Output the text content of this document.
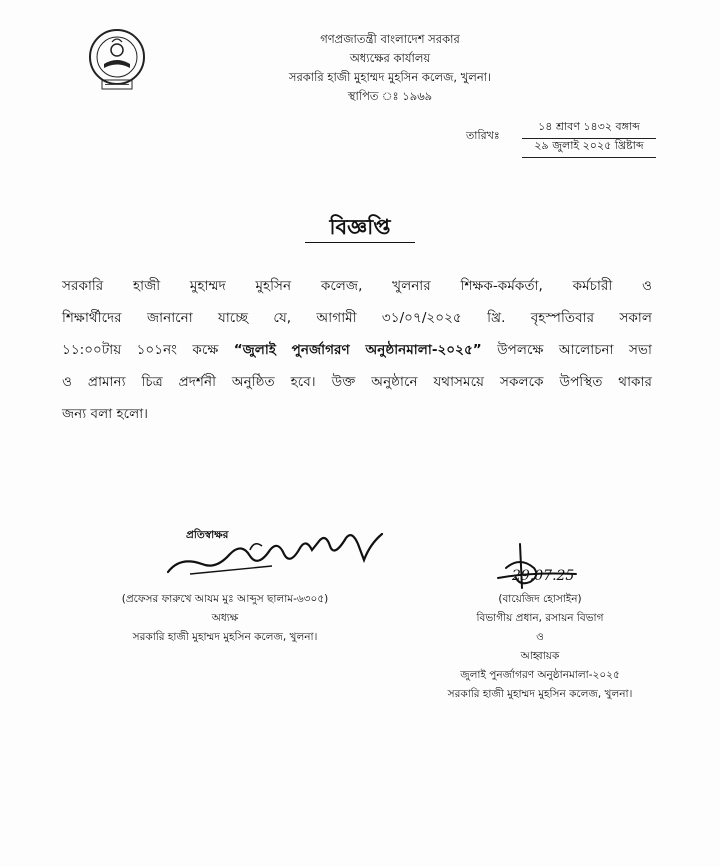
গণপ্রজাতন্ত্রী বাংলাদেশ সরকার
অধ্যক্ষের কার্যালয়
সরকারি হাজী মুহাম্মদ মুহসিন কলেজ, খুলনা।
স্থাপিত ঃ ১৯৬৯
তারিখঃ
১৪ শ্রাবণ ১৪৩২ বঙ্গাব্দ
২৯ জুলাই ২০২৫ খ্রিষ্টাব্দ
বিজ্ঞপ্তি
সরকারি হাজী মুহাম্মদ মুহসিন কলেজ, খুলনার শিক্ষক-কর্মকর্তা, কর্মচারী ও
শিক্ষার্থীদের জানানো যাচ্ছে যে, আগামী ৩১/০৭/২০২৫ খ্রি. বৃহস্পতিবার সকাল
১১:০০টায় ১০১নং কক্ষে “জুলাই পুনর্জাগরণ অনুষ্ঠানমালা-২০২৫” উপলক্ষে আলোচনা সভা
ও প্রামান্য চিত্র প্রদর্শনী অনুষ্ঠিত হবে। উক্ত অনুষ্ঠানে যথাসময়ে সকলকে উপস্থিত থাকার
জন্য বলা হলো।
প্রতিস্বাক্ষর
29.07.25
(প্রফেসর ফারুখে আযম মুঃ আব্দুস ছালাম-৬৩০৫)
অধ্যক্ষ
সরকারি হাজী মুহাম্মদ মুহসিন কলেজ, খুলনা।
(বায়েজিদ হোসাইন)
বিভাগীয় প্রধান, রসায়ন বিভাগ
ও
আহ্বায়ক
জুলাই পুনর্জাগরণ অনুষ্ঠানমালা-২০২৫
সরকারি হাজী মুহাম্মদ মুহসিন কলেজ, খুলনা।
